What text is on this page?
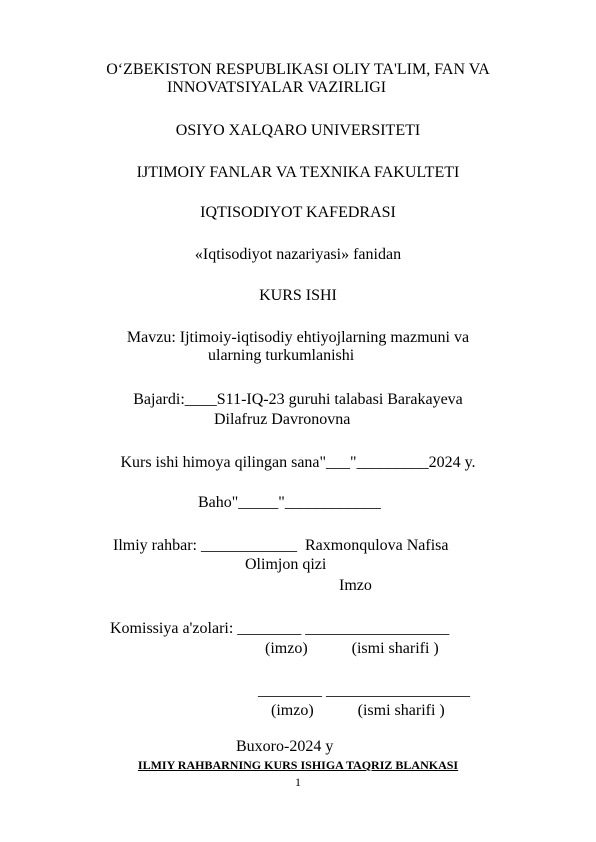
O‘ZBEKISTON RESPUBLIKASI OLIY TA'LIM, FAN VA
INNOVATSIYALAR VAZIRLIGI
OSIYO XALQARO UNIVERSITETI
IJTIMOIY FANLAR VA TEXNIKA FAKULTETI
IQTISODIYOT KAFEDRASI
«Iqtisodiyot nazariyasi» fanidan
KURS ISHI
Mavzu: Ijtimoiy-iqtisodiy ehtiyojlarning mazmuni va
ularning turkumlanishi
Bajardi:____S11-IQ-23 guruhi talabasi Barakayeva
Dilafruz Davronovna
Kurs ishi himoya qilingan sana"___"_________2024 y.
Baho"_____"____________
Ilmiy rahbar: ____________  Raxmonqulova Nafisa
Olimjon qizi
Imzo
Komissiya a'zolari: ________ __________________
(imzo)           (ismi sharifi )
________ __________________
(imzo)           (ismi sharifi )
Buxoro-2024 y
ILMIY RAHBARNING KURS ISHIGA TAQRIZ BLANKASI
1
